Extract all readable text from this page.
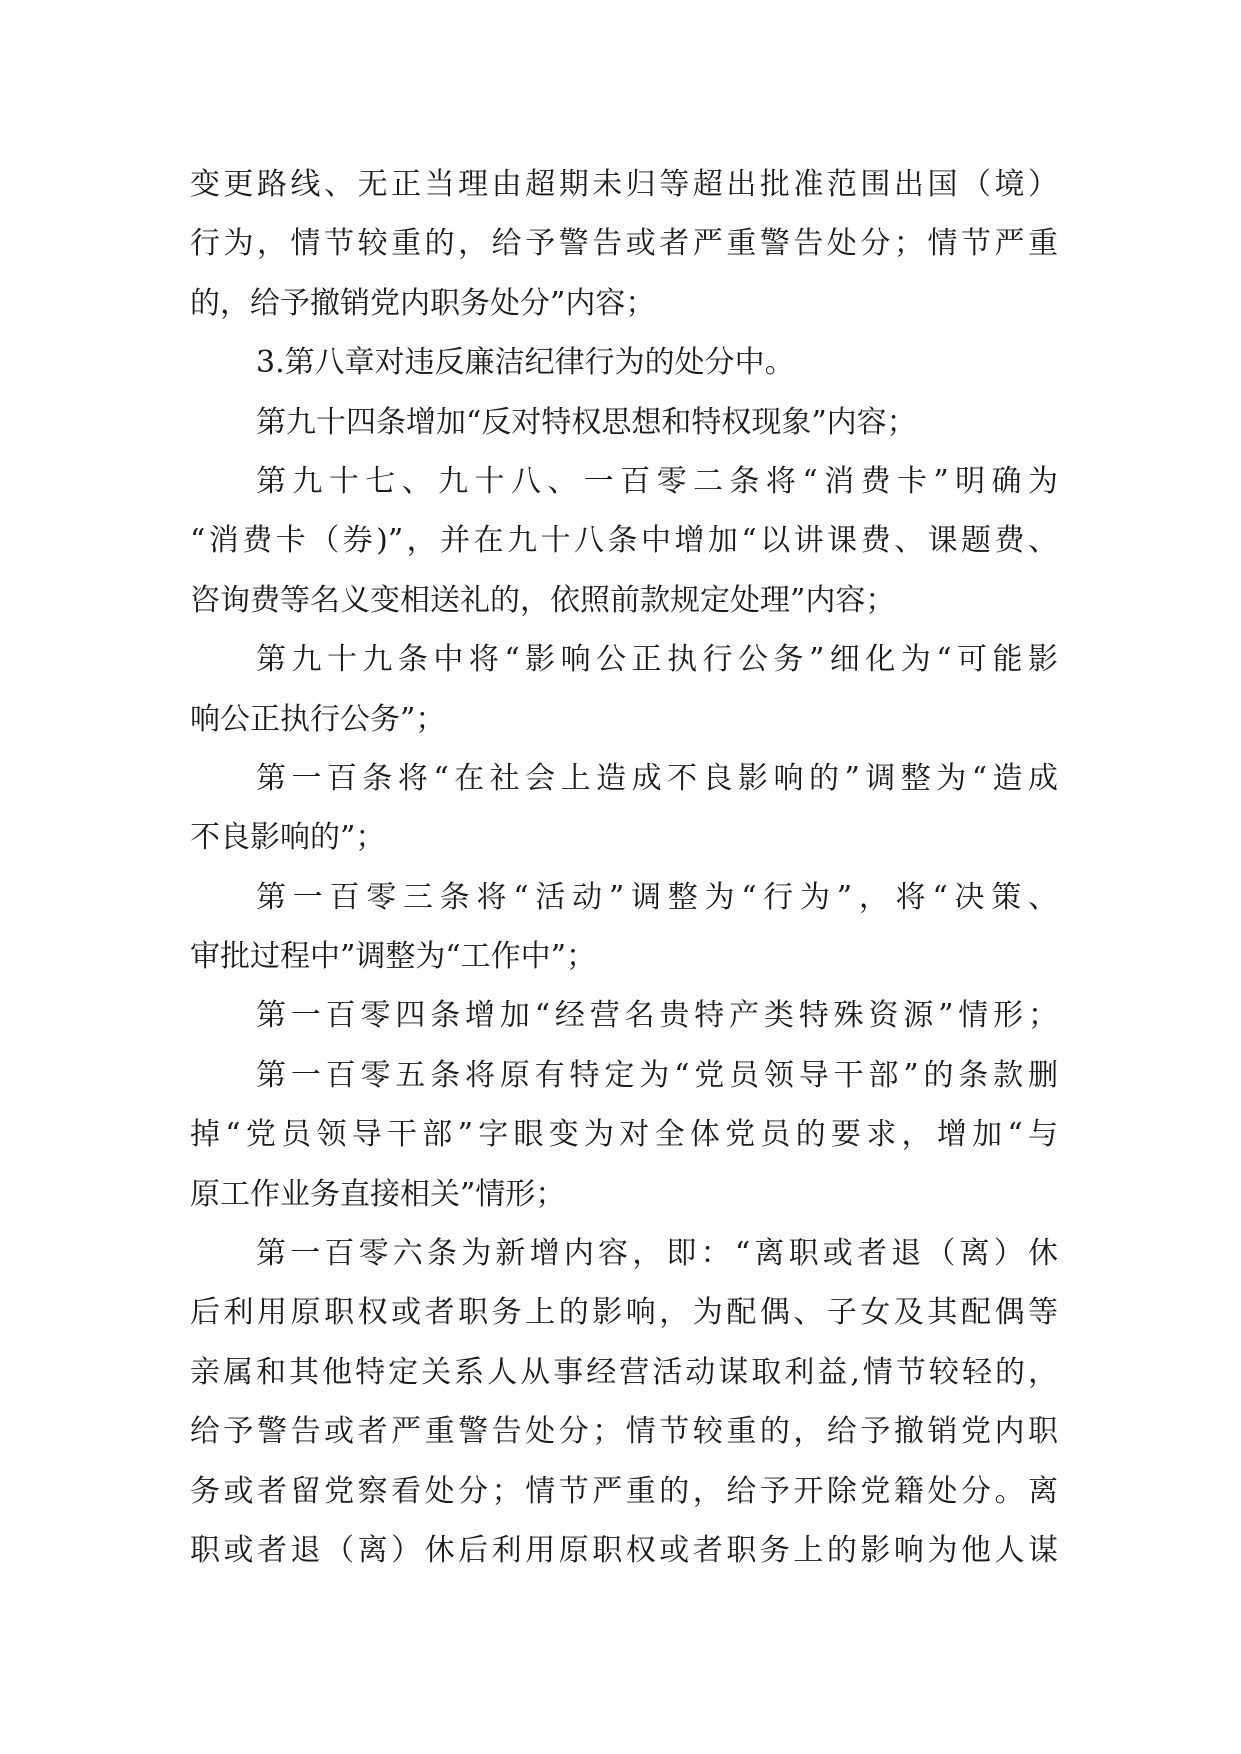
变更路线、无正当理由超期未归等超出批准范围出国（境）
行为，情节较重的，给予警告或者严重警告处分；情节严重
的，给予撤销党内职务处分”内容；
3.第八章对违反廉洁纪律行为的处分中。
第九十四条增加“反对特权思想和特权现象”内容；
第九十七、九十八、一百零二条将“消费卡”明确为
“消费卡（券)”，并在九十八条中增加“以讲课费、课题费、
咨询费等名义变相送礼的，依照前款规定处理”内容；
第九十九条中将“影响公正执行公务”细化为“可能影
响公正执行公务”；
第一百条将“在社会上造成不良影响的”调整为“造成
不良影响的”；
第一百零三条将“活动”调整为“行为”，将“决策、
审批过程中”调整为“工作中”；
第一百零四条增加“经营名贵特产类特殊资源”情形；
第一百零五条将原有特定为“党员领导干部”的条款删
掉“党员领导干部”字眼变为对全体党员的要求，增加“与
原工作业务直接相关”情形；
第一百零六条为新增内容，即：“离职或者退（离）休
后利用原职权或者职务上的影响，为配偶、子女及其配偶等
亲属和其他特定关系人从事经营活动谋取利益,情节较轻的，
给予警告或者严重警告处分；情节较重的，给予撤销党内职
务或者留党察看处分；情节严重的，给予开除党籍处分。离
职或者退（离）休后利用原职权或者职务上的影响为他人谋
